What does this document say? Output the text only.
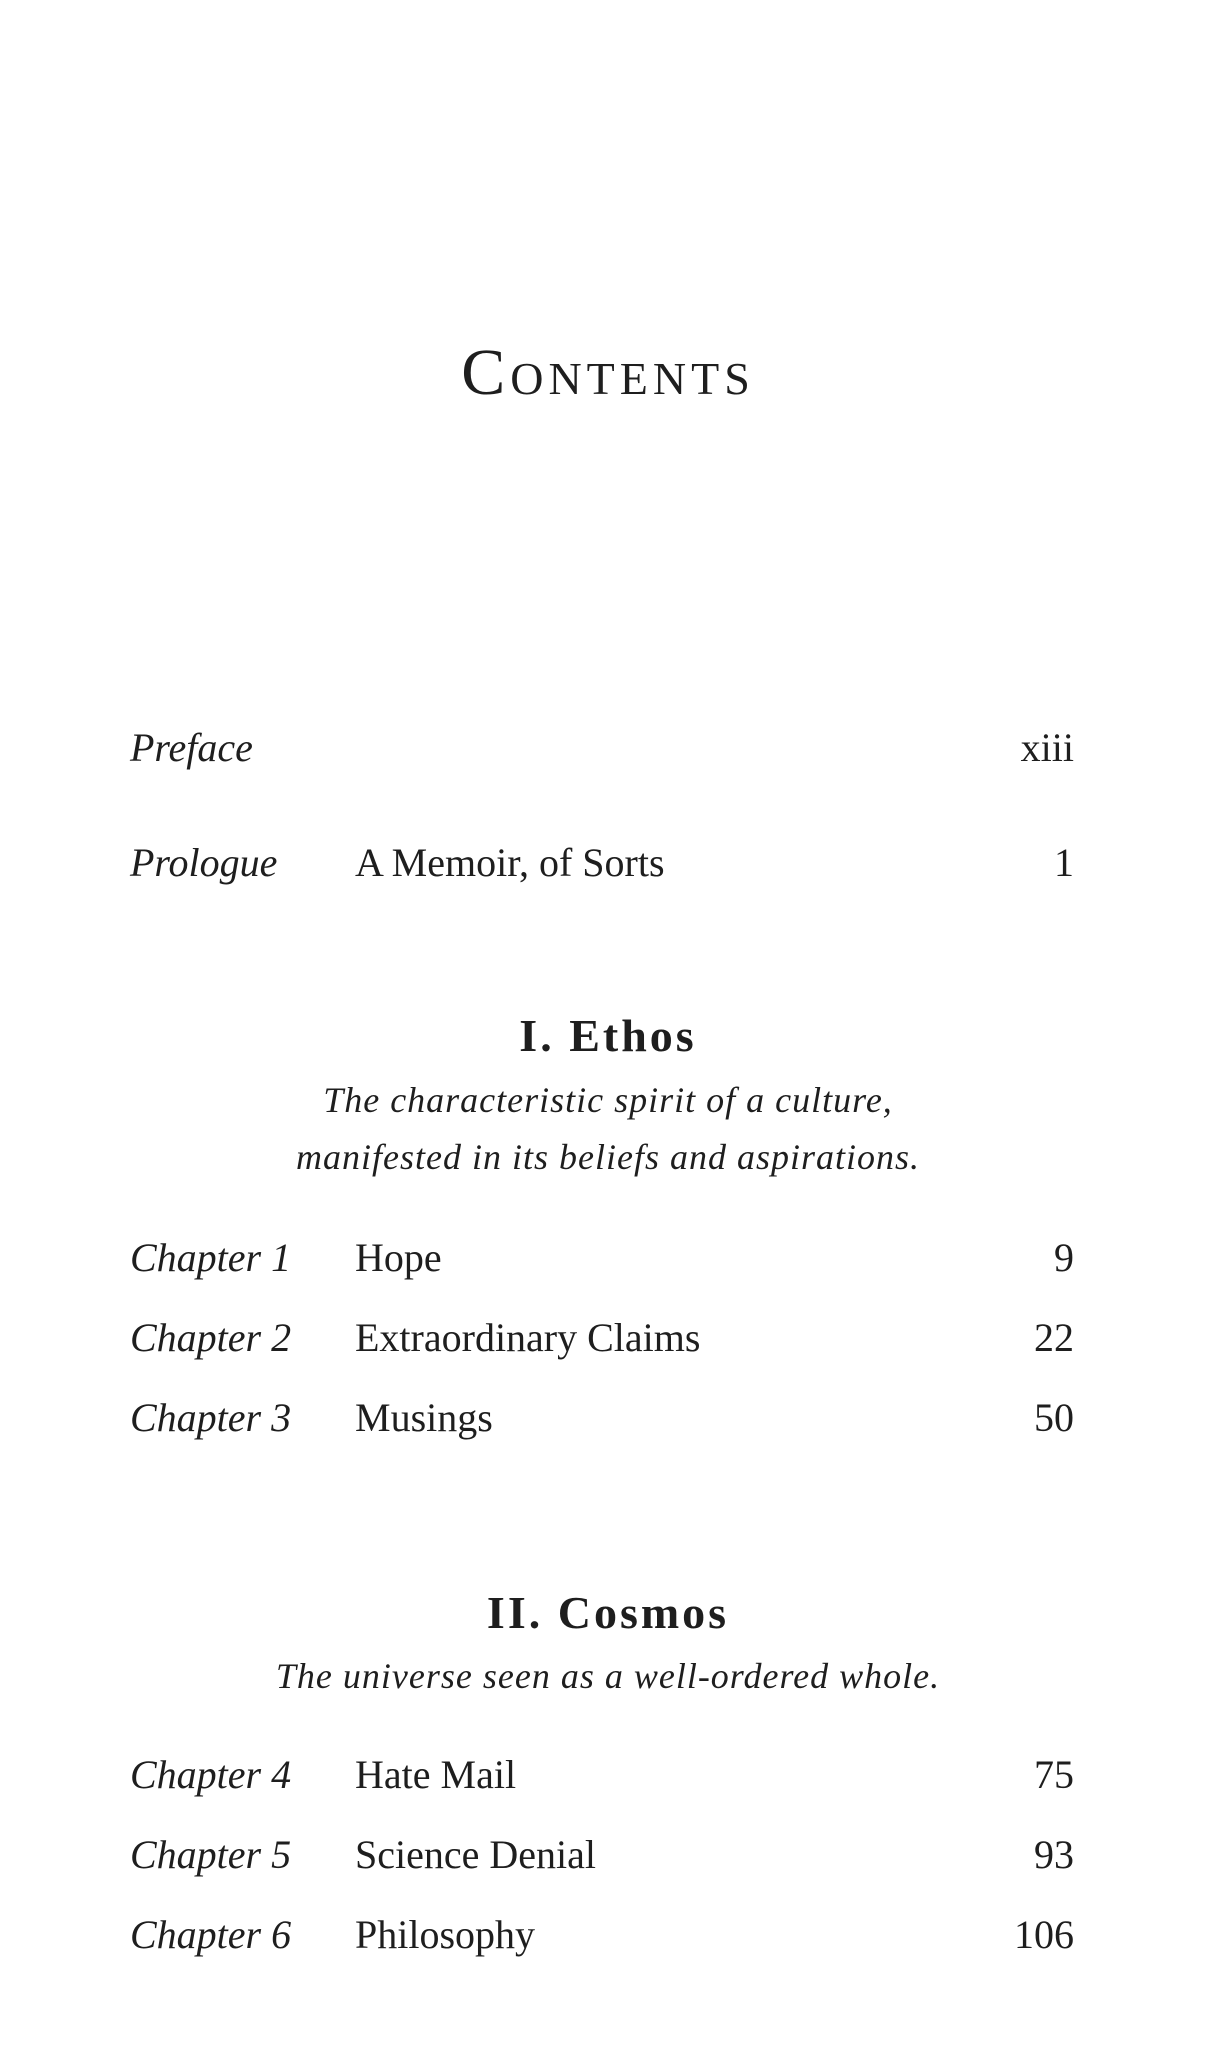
Contents
Preface	xiii
Prologue A Memoir, of Sorts	1
I. Ethos
The characteristic spirit of a culture,
manifested in its beliefs and aspirations.
Chapter 1 Hope	9
Chapter 2 Extraordinary Claims	22
Chapter 3 Musings	50
II. Cosmos
The universe seen as a well-ordered whole.
Chapter 4 Hate Mail	75
Chapter 5 Science Denial	93
Chapter 6 Philosophy	106
